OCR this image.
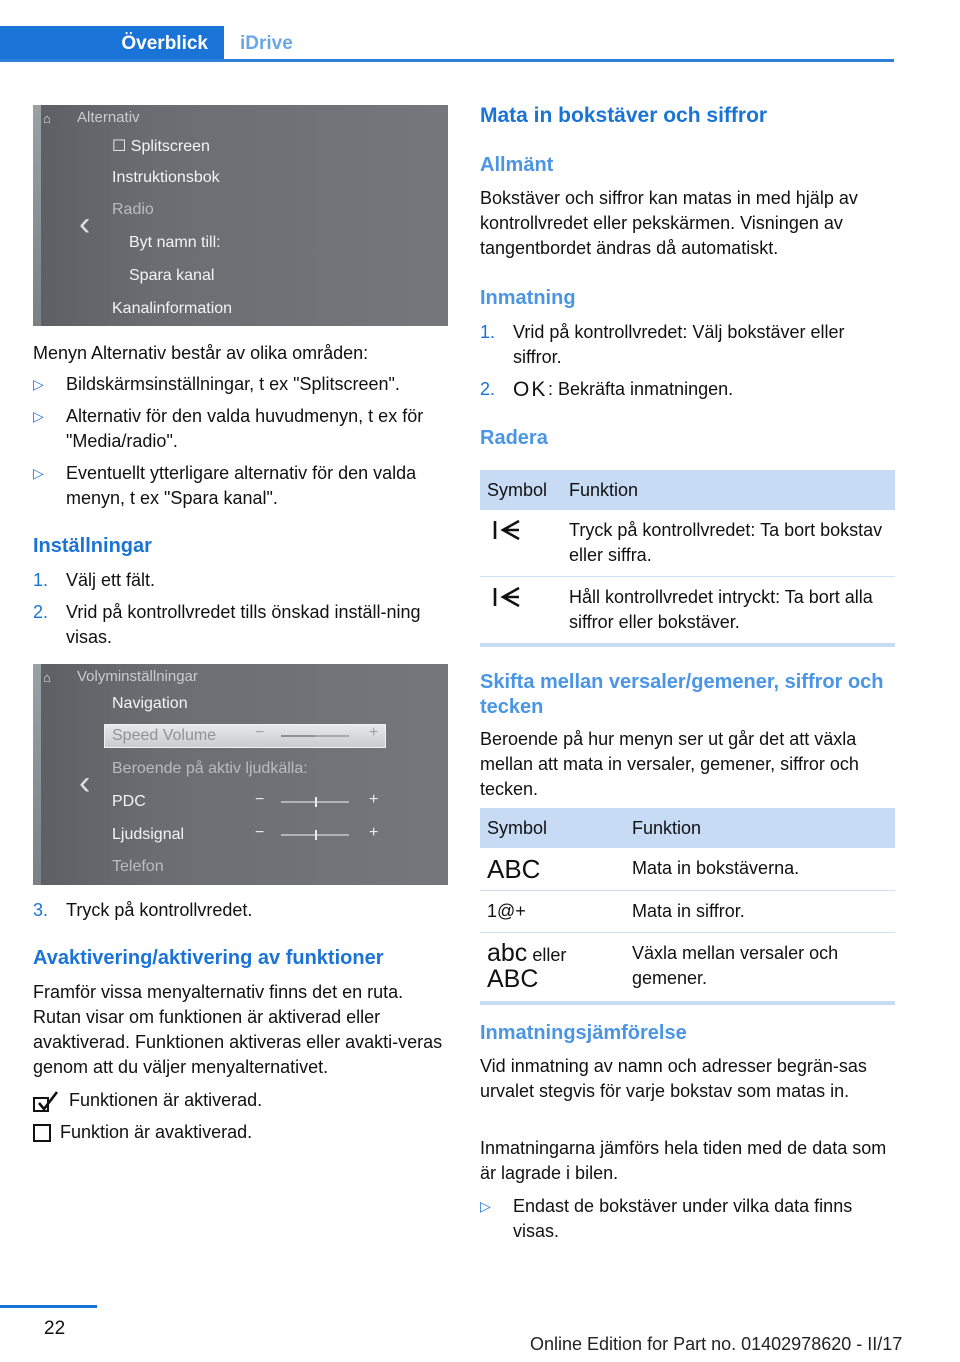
Överblick	iDrive
⌂
‹
Alternativ
☐ Splitscreen
Instruktionsbok
Radio
Byt namn till:
Spara kanal
Kanalinformation

Menyn Alternativ består av olika områden:

▷ Bildskärmsinställningar, t ex "Splitscreen".
▷ Alternativ för den valda huvudmenyn, t ex för "Media/radio".
▷ Eventuellt ytterligare alternativ för den valda menyn, t ex "Spara kanal".
Inställningar
1. Välj ett fält.
2. Vrid på kontrollvredet tills önskad inställ‐ning visas.
⌂
‹
Volyminställningar
Navigation
Speed Volume −	+
Beroende på aktiv ljudkälla:
PDC	−	+
Ljudsignal	−	+
Telefon
3. Tryck på kontrollvredet.
Avaktivering/aktivering av funktioner

Framför vissa menyalternativ finns det en ruta. Rutan visar om funktionen är aktiverad eller avaktiverad. Funktionen aktiveras eller avakti‐veras genom att du väljer menyalternativet.

Funktionen är aktiverad.
Funktion är avaktiverad.
Mata in bokstäver och siffror
Allmänt

Bokstäver och siffror kan matas in med hjälp av kontrollvredet eller pekskärmen. Visningen av tangentbordet ändras då automatiskt.

Inmatning
1. Vrid på kontrollvredet: Välj bokstäver eller siffror.
2. OK : Bekräfta inmatningen.
Radera
Symbol	Funktion
	Tryck på kontrollvredet: Ta bort bokstav eller siffra.
	Håll kontrollvredet intryckt: Ta bort alla siffror eller bokstäver.
Skifta mellan versaler/gemener, siffror och tecken

Beroende på hur menyn ser ut går det att växla mellan att mata in versaler, gemener, siffror och tecken.

Symbol	Funktion
ABC	Mata in bokstäverna.
1@+	Mata in siffror.
abc eller
ABC	Växla mellan versaler och gemener.
Inmatningsjämförelse

Vid inmatning av namn och adresser begrän‐sas urvalet stegvis för varje bokstav som matas in.

Inmatningarna jämförs hela tiden med de data som är lagrade i bilen.

▷ Endast de bokstäver under vilka data finns visas.
22
Online Edition for Part no. 01402978620 - II/17
